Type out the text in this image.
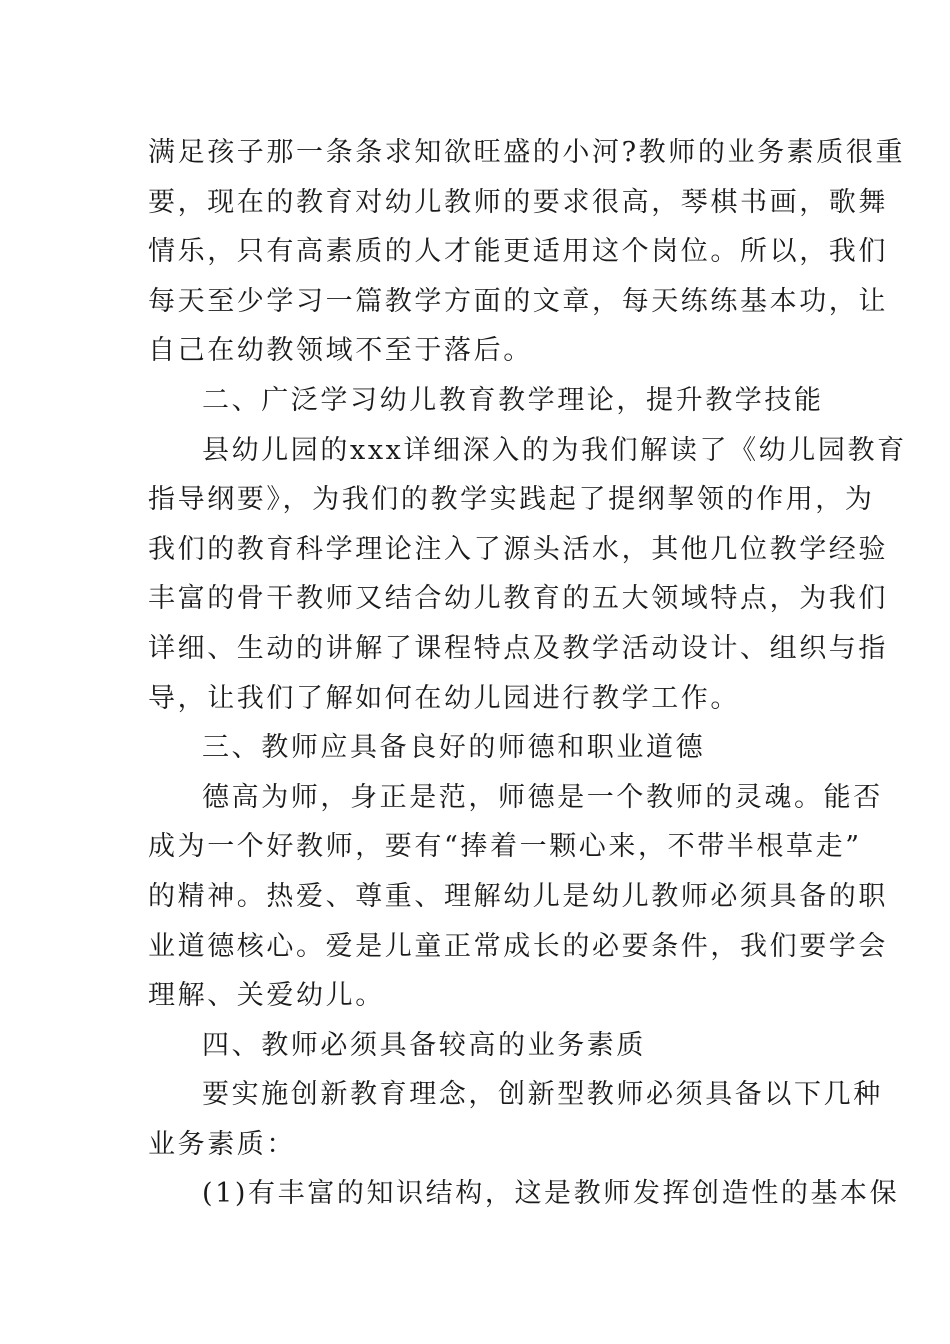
满足孩子那一条条求知欲旺盛的小河?教师的业务素质很重
要，现在的教育对幼儿教师的要求很高，琴棋书画，歌舞
情乐，只有高素质的人才能更适用这个岗位。所以，我们
每天至少学习一篇教学方面的文章，每天练练基本功，让
自己在幼教领域不至于落后。
二、广泛学习幼儿教育教学理论，提升教学技能
县幼儿园的xxx详细深入的为我们解读了《幼儿园教育
指导纲要》，为我们的教学实践起了提纲挈领的作用，为
我们的教育科学理论注入了源头活水，其他几位教学经验
丰富的骨干教师又结合幼儿教育的五大领域特点，为我们
详细、生动的讲解了课程特点及教学活动设计、组织与指
导，让我们了解如何在幼儿园进行教学工作。
三、教师应具备良好的师德和职业道德
德高为师，身正是范，师德是一个教师的灵魂。能否
成为一个好教师，要有“捧着一颗心来，不带半根草走”
的精神。热爱、尊重、理解幼儿是幼儿教师必须具备的职
业道德核心。爱是儿童正常成长的必要条件，我们要学会
理解、关爱幼儿。
四、教师必须具备较高的业务素质
要实施创新教育理念，创新型教师必须具备以下几种
业务素质：
(1)有丰富的知识结构，这是教师发挥创造性的基本保
